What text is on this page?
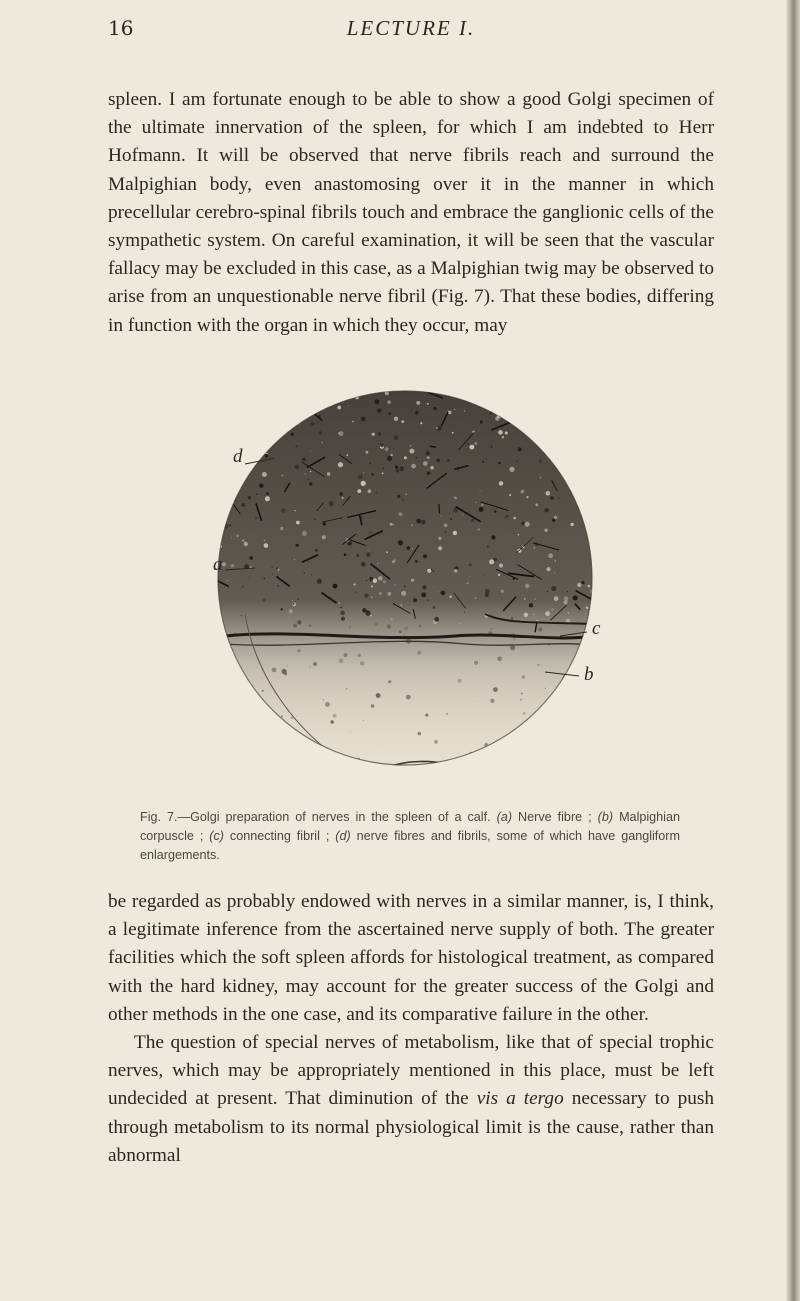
16	LECTURE I.

spleen. I am fortunate enough to be able to show a good Golgi specimen of the ultimate innervation of the spleen, for which I am indebted to Herr Hofmann. It will be observed that nerve fibrils reach and surround the Malpighian body, even anastomosing over it in the manner in which precellular cerebro-spinal fibrils touch and embrace the ganglionic cells of the sympathetic system. On careful examination, it will be seen that the vascular fallacy may be excluded in this case, as a Malpighian twig may be observed to arise from an unquestionable nerve fibril (Fig. 7). That these bodies, differing in function with the organ in which they occur, may

d
a
c
b

Fig. 7.—Golgi preparation of nerves in the spleen of a calf. (a) Nerve fibre ; (b) Malpighian corpuscle ; (c) connecting fibril ; (d) nerve fibres and fibrils, some of which have gangliform enlargements.

be regarded as probably endowed with nerves in a similar manner, is, I think, a legitimate inference from the ascertained nerve supply of both. The greater facilities which the soft spleen affords for histological treatment, as compared with the hard kidney, may account for the greater success of the Golgi and other methods in the one case, and its comparative failure in the other.
The question of special nerves of metabolism, like that of special trophic nerves, which may be appropriately mentioned in this place, must be left undecided at present. That diminution of the vis a tergo necessary to push through metabolism to its normal physiological limit is the cause, rather than abnormal
